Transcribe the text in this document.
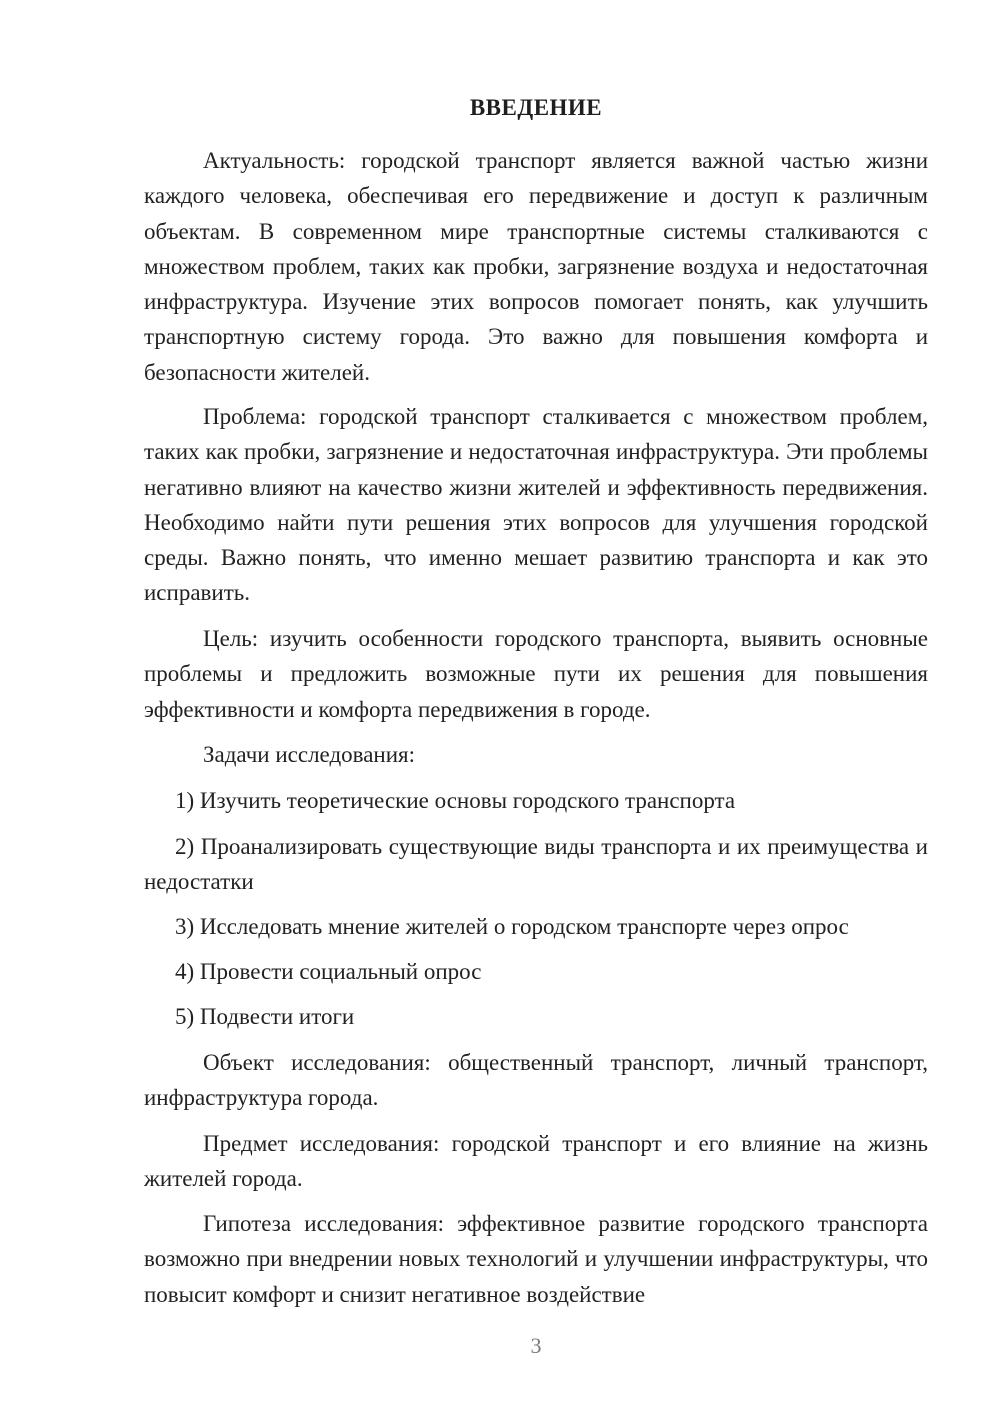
ВВЕДЕНИЕ

Актуальность: городской транспорт является важной частью жизни каждого человека, обеспечивая его передвижение и доступ к различным объектам. В современном мире транспортные системы сталкиваются с множеством проблем, таких как пробки, загрязнение воздуха и недостаточная инфраструктура. Изучение этих вопросов помогает понять, как улучшить транспортную систему города. Это важно для повышения комфорта и безопасности жителей.

Проблема: городской транспорт сталкивается с множеством проблем, таких как пробки, загрязнение и недостаточная инфраструктура. Эти проблемы негативно влияют на качество жизни жителей и эффективность передвижения. Необходимо найти пути решения этих вопросов для улучшения городской среды. Важно понять, что именно мешает развитию транспорта и как это исправить.

Цель: изучить особенности городского транспорта, выявить основные проблемы и предложить возможные пути их решения для повышения эффективности и комфорта передвижения в городе.

Задачи исследования:

1) Изучить теоретические основы городского транспорта

2) Проанализировать существующие виды транспорта и их преимущества и недостатки

3) Исследовать мнение жителей о городском транспорте через опрос

4) Провести социальный опрос

5) Подвести итоги

Объект исследования: общественный транспорт, личный транспорт, инфраструктура города.

Предмет исследования: городской транспорт и его влияние на жизнь жителей города.

Гипотеза исследования: эффективное развитие городского транспорта возможно при внедрении новых технологий и улучшении инфраструктуры, что повысит комфорт и снизит негативное воздействие

3
